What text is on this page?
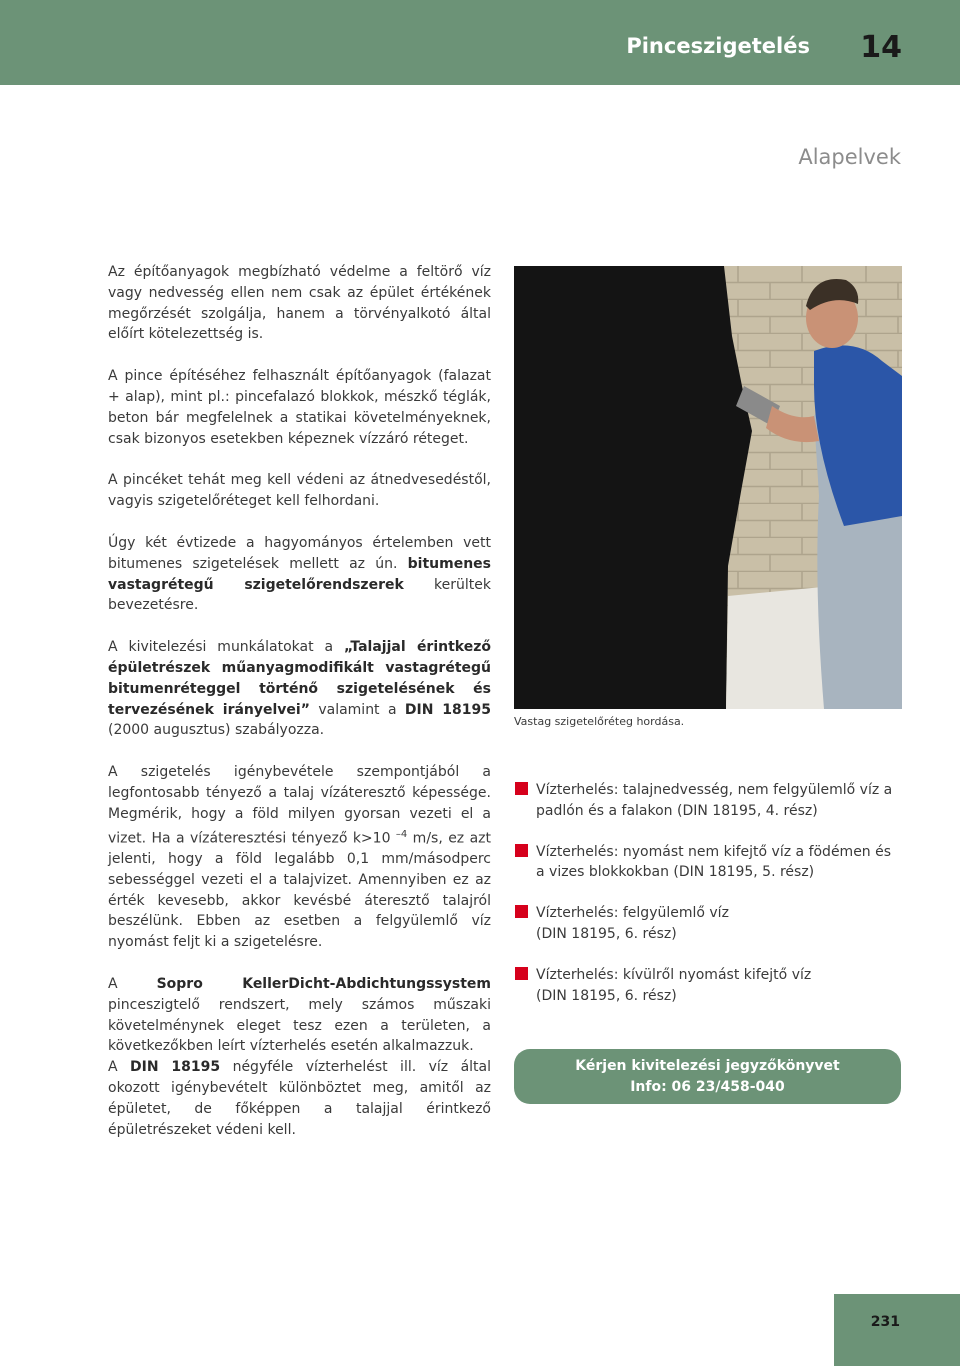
Pinceszigetelés 14
Alapelvek

Az építőanyagok megbízható védelme a feltörő víz vagy nedvesség ellen nem csak az épület értékének megőrzését szolgálja, hanem a törvényalkotó által előírt kötelezettség is.

A pince építéséhez felhasznált építőanyagok (falazat + alap), mint pl.: pincefalazó blokkok, mészkő téglák, beton bár megfelelnek a statikai követelményeknek, csak bizonyos esetekben képeznek vízzáró réteget.

A pincéket tehát meg kell védeni az átnedvesedéstől, vagyis szigetelőréteget kell felhordani.

Úgy két évtizede a hagyományos értelemben vett bitumenes szigetelések mellett az ún. bitumenes vastagrétegű szigetelőrendszerek kerültek bevezetésre.

A kivitelezési munkálatokat a „Talajjal érintkező épületrészek műanyagmodifikált vastagrétegű bitumenréteggel történő szigetelésének és tervezésének irányelvei” valamint a DIN 18195 (2000 augusztus) szabályozza.

A szigetelés igénybevétele szempontjából a legfontosabb tényező a talaj vízáteresztő képessége. Megmérik, hogy a föld milyen gyorsan vezeti el a vizet. Ha a vízáteresztési tényező k>10 $^{-4}$ m/s, ez azt jelenti, hogy a föld legalább 0,1 mm/másodperc sebességgel vezeti el a talajvizet. Amennyiben ez az érték kevesebb, akkor kevésbé áteresztő talajról beszélünk. Ebben az esetben a felgyülemlő víz nyomást feljt ki a szigetelésre.

A Sopro KellerDicht-Abdichtungssystem pinceszigtelő rendszert, mely számos műszaki követelménynek eleget tesz ezen a területen, a következőkben leírt vízterhelés esetén alkalmazzuk.

A DIN 18195 négyféle vízterhelést ill. víz által okozott igénybevételt különböztet meg, amitől az épületet, de főképpen a talajjal érintkező épületrészeket védeni kell.

Vastag szigetelőréteg hordása.
Vízterhelés: talajnedvesség, nem felgyülemlő víz a padlón és a falakon (DIN 18195, 4. rész)
Vízterhelés: nyomást nem kifejtő víz a födémen és a vizes blokkokban (DIN 18195, 5. rész)
Vízterhelés: felgyülemlő víz (DIN 18195, 6. rész)
Vízterhelés: kívülről nyomást kifejtő víz (DIN 18195, 6. rész)
Kérjen kivitelezési jegyzőkönyvet
Info: 06 23/458-040
231
